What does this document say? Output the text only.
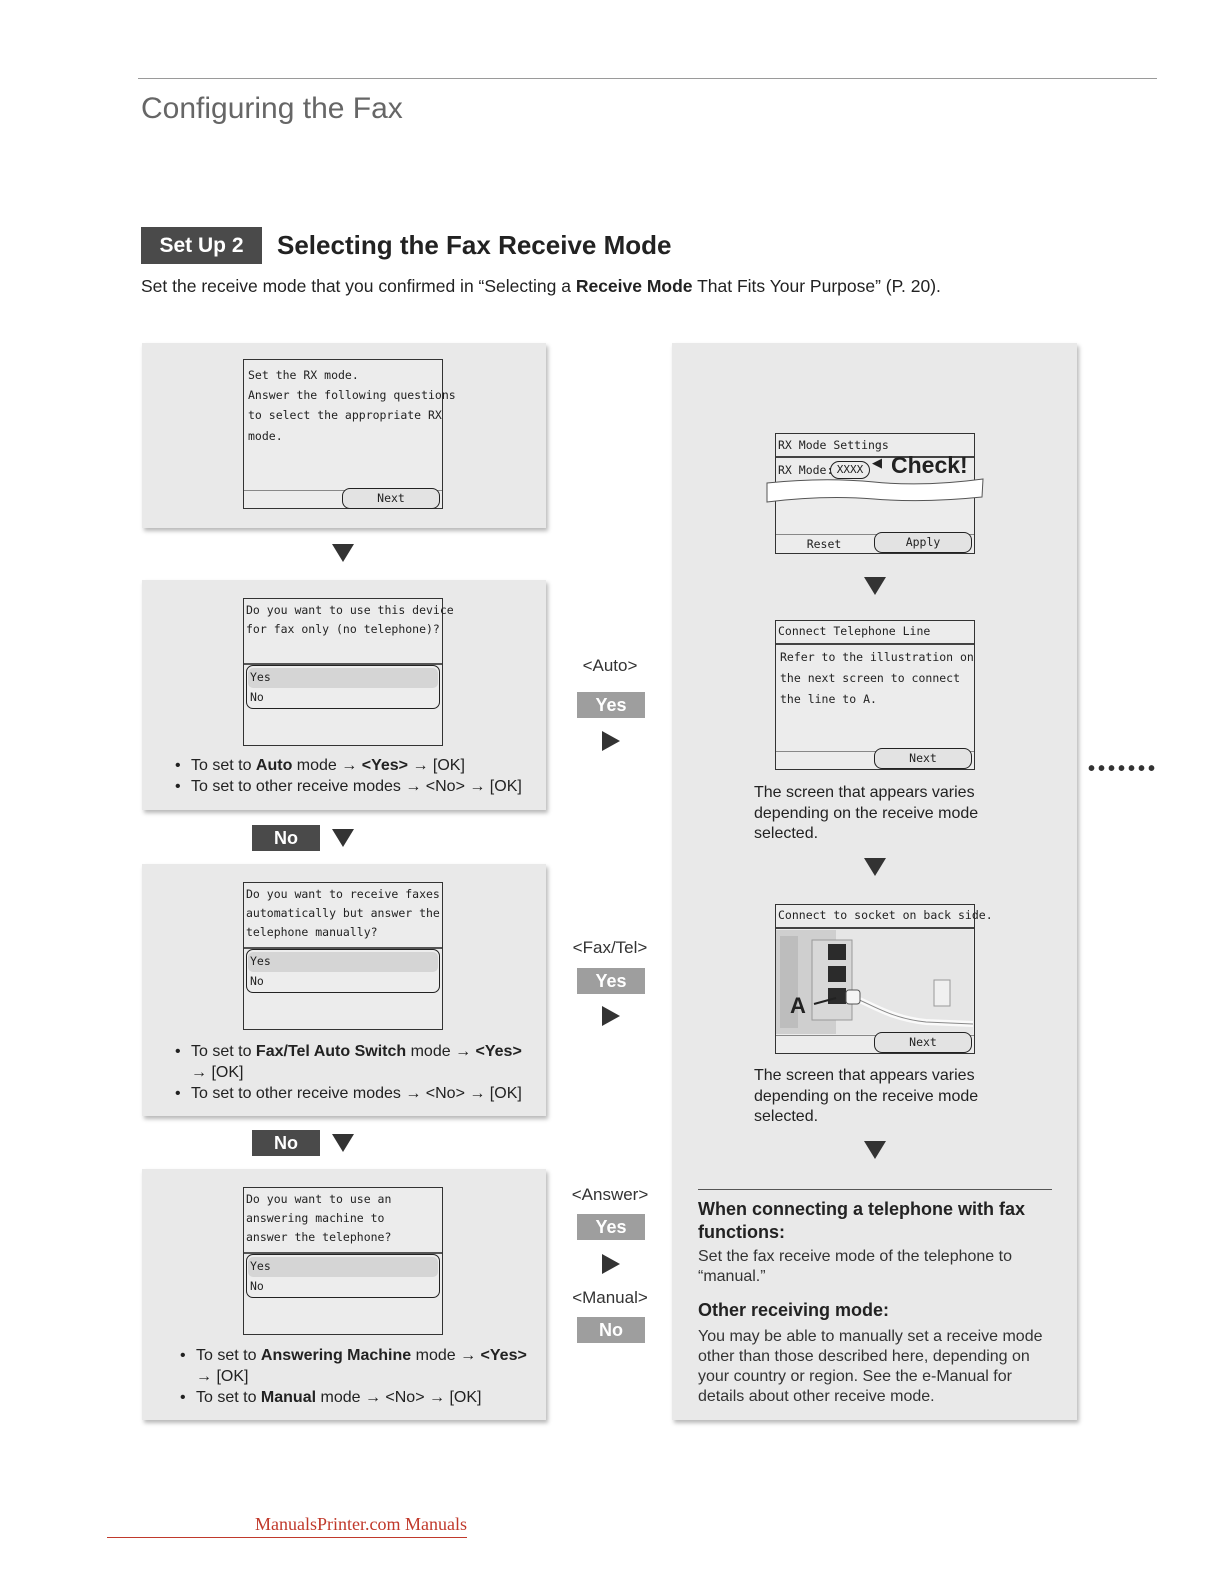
Configuring the Fax
Set Up 2	Selecting the Fax Receive Mode
Set the receive mode that you confirmed in “Selecting a Receive Mode That Fits Your Purpose” (P. 20).
Set the RX mode.
Answer the following questions
to select the appropriate RX
mode.
Next
Do you want to use this device
for fax only (no telephone)?
Yes
No
• To set to Auto mode → <Yes> → [OK]
• To set to other receive modes → <No> → [OK]
No
Do you want to receive faxes
automatically but answer the
telephone manually?
Yes
No
• To set to Fax/Tel Auto Switch mode → <Yes>
→ [OK]
• To set to other receive modes → <No> → [OK]
No
Do you want to use an
answering machine to
answer the telephone?
Yes
No
• To set to Answering Machine mode → <Yes>
→ [OK]
• To set to Manual mode → <No> → [OK]
<Auto>
Yes
<Fax/Tel>
Yes
<Answer>
Yes
<Manual>
No
RX Mode Settings
RX Mode: XXXX
Reset	Apply
◀ Check!
Connect Telephone Line
Refer to the illustration on
the next screen to connect
the line to A.
Next
The screen that appears varies depending on the receive mode selected.
Connect to socket on back side.
A
Next
The screen that appears varies depending on the receive mode selected.
When connecting a telephone with fax functions:
Set the fax receive mode of the telephone to “manual.”
Other receiving mode:
You may be able to manually set a receive mode other than those described here, depending on your country or region. See the e-Manual for details about other receive mode.
•••••••
ManualsPrinter.com Manuals
